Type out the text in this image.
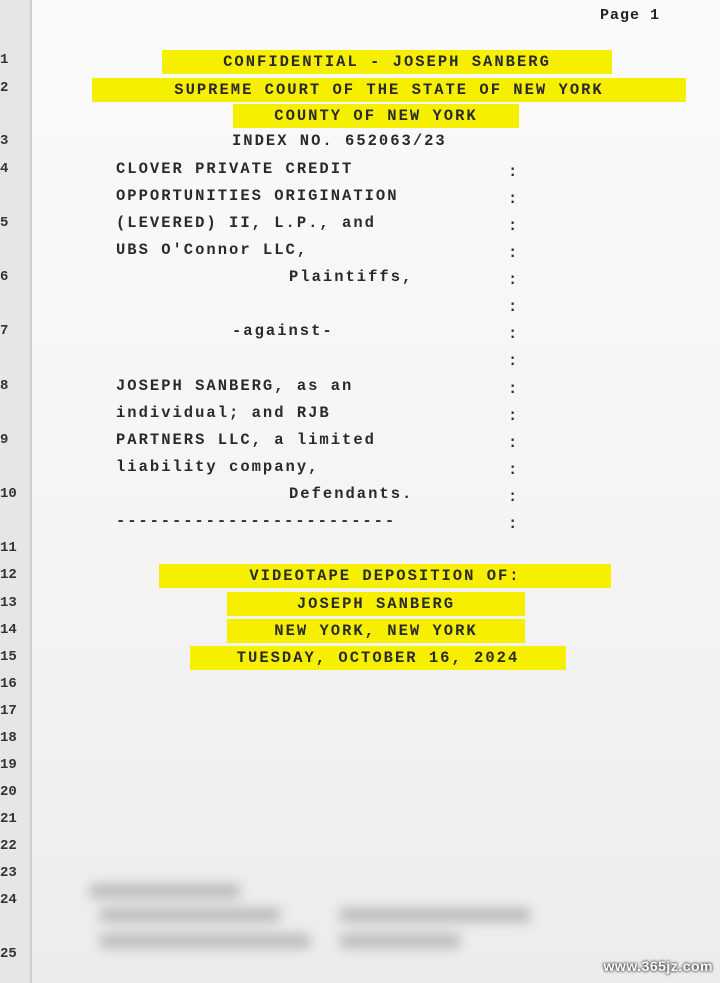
Page 1
1
2
3
4
5
6
7
8
9
10
11
12
13
14
15
16
17
18
19
20
21
22
23
24
25
CONFIDENTIAL - JOSEPH SANBERG
SUPREME COURT OF THE STATE OF NEW YORK
COUNTY OF NEW YORK
INDEX NO. 652063/23
CLOVER PRIVATE CREDIT
OPPORTUNITIES ORIGINATION
(LEVERED) II, L.P., and
UBS O'Connor LLC,
Plaintiffs,
-against-
JOSEPH SANBERG, as an
individual; and RJB
PARTNERS LLC, a limited
liability company,
Defendants.
-------------------------
:
:
:
:
:
:
:
:
:
:
:
:
:
:
VIDEOTAPE DEPOSITION OF:
JOSEPH SANBERG
NEW YORK, NEW YORK
TUESDAY, OCTOBER 16, 2024
www.365jz.com
